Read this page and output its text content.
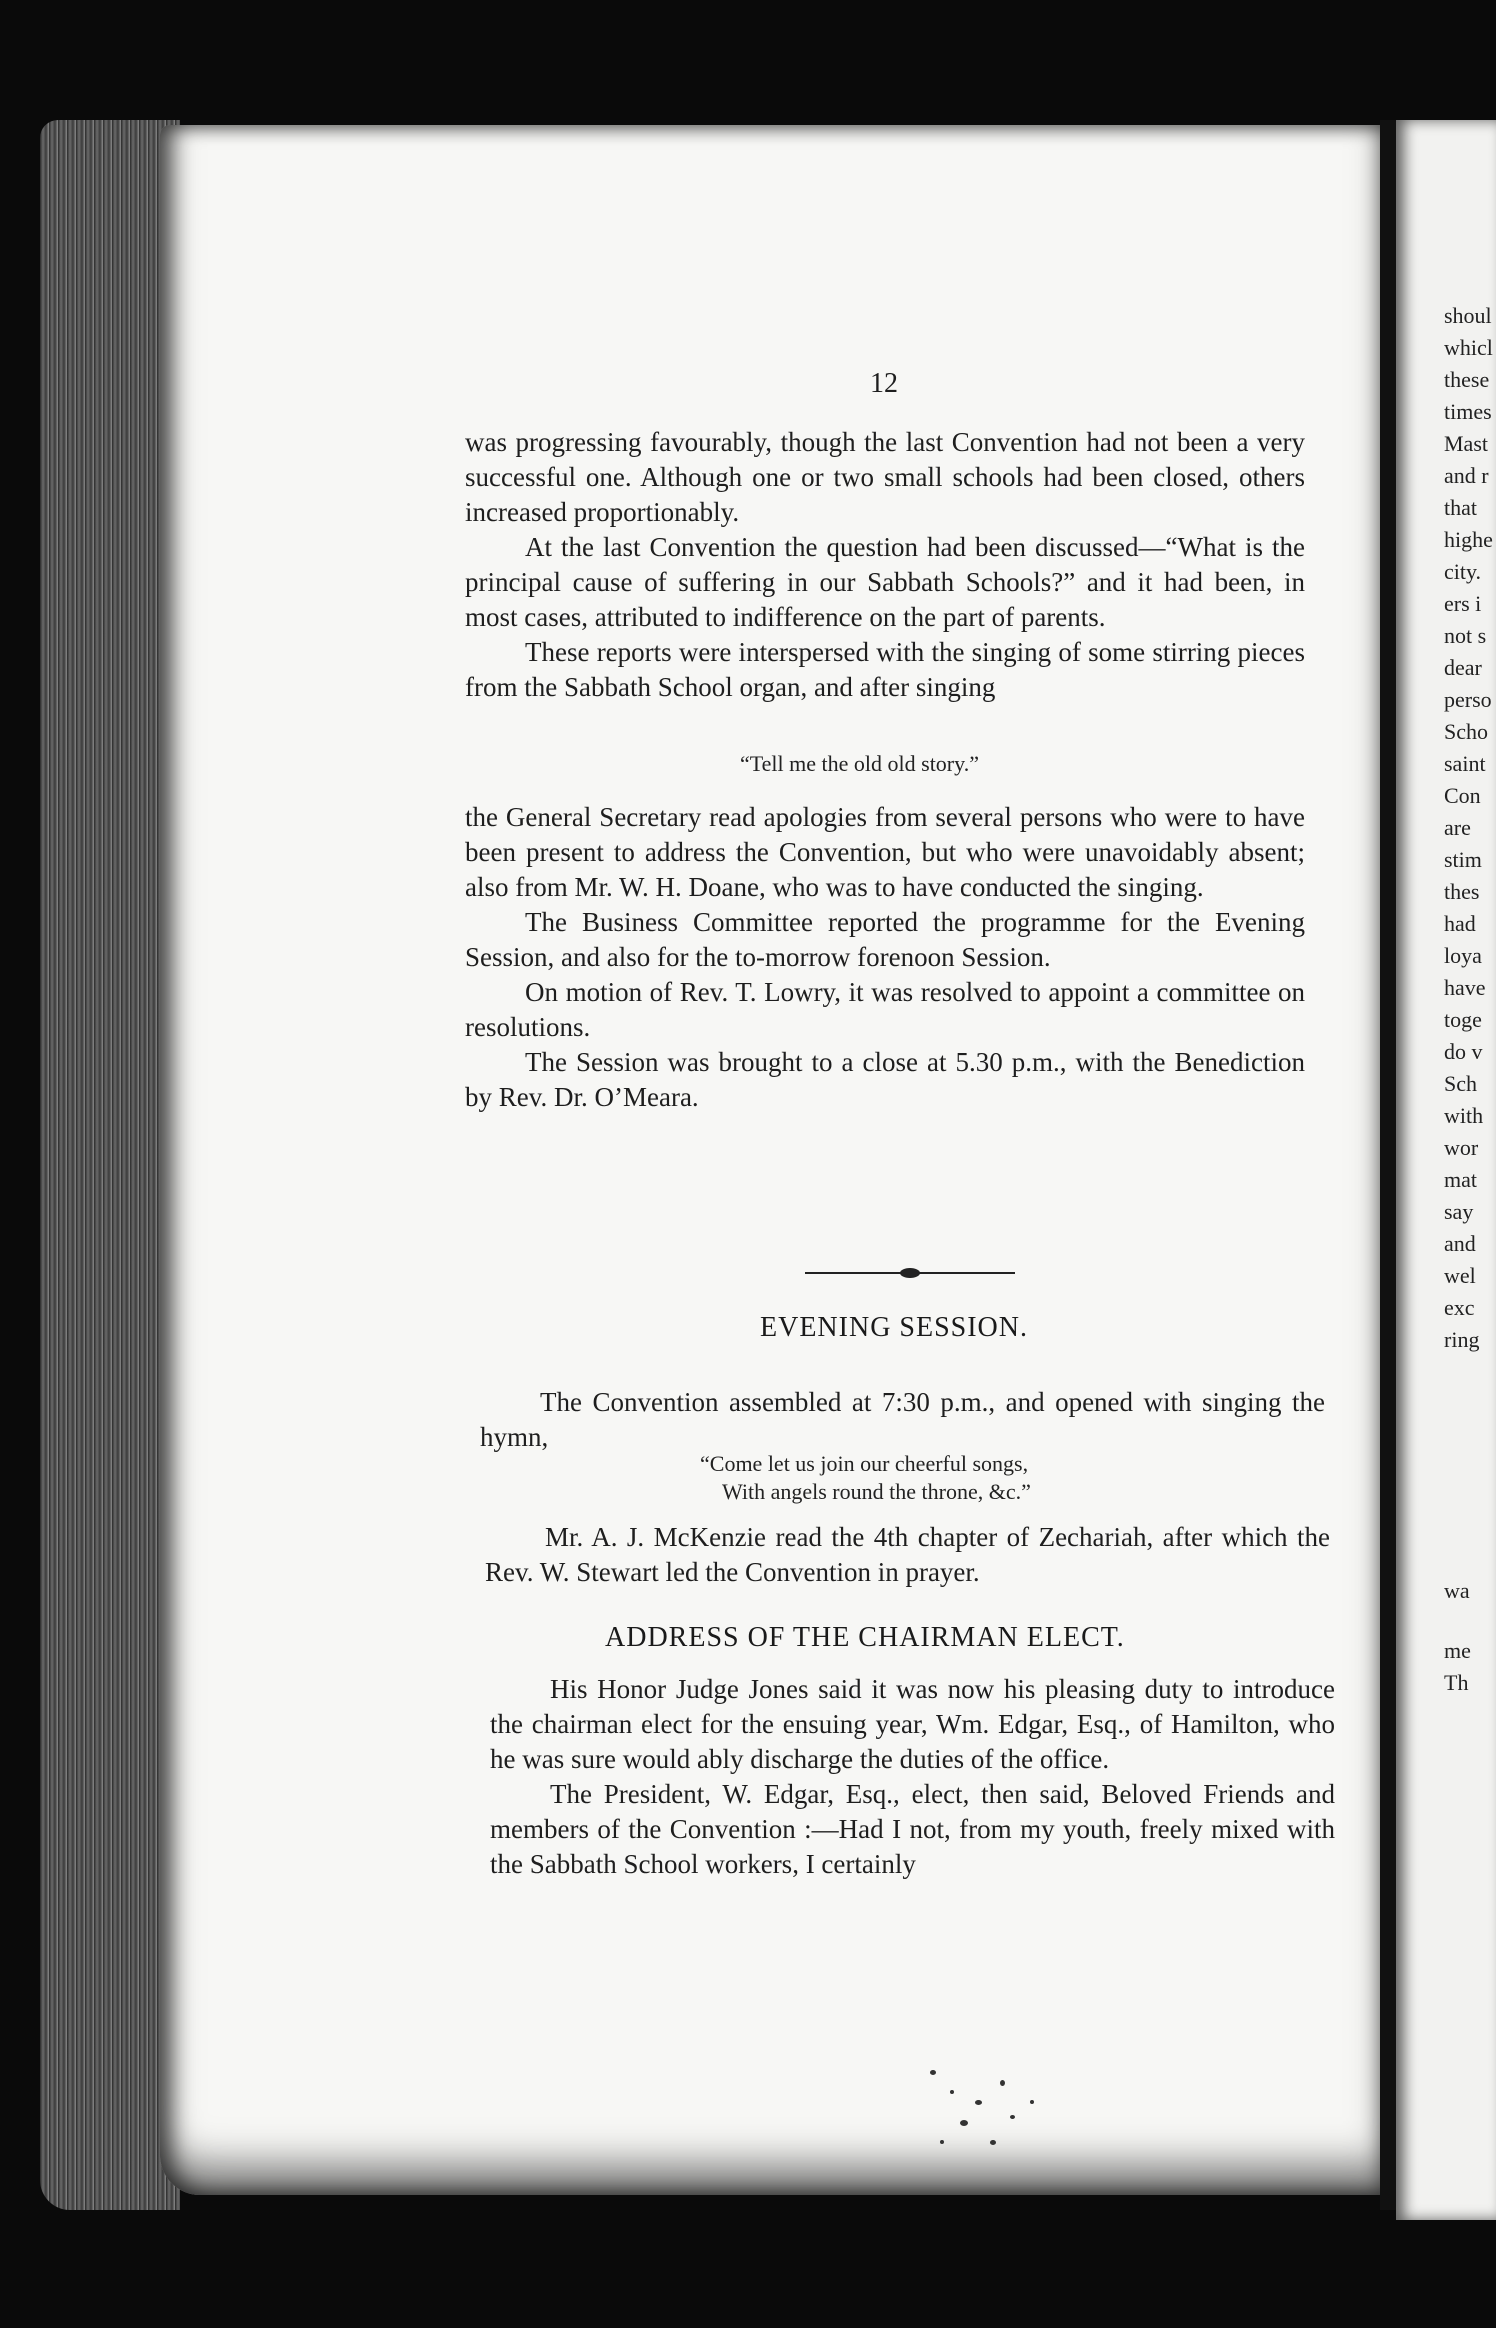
shoul
whicl
these
times
Mast
and r
that
highe
city.
ers i
not s
dear
perso
Scho
saint
Con
are
stim
thes
had
loya
have
toge
do v
Sch
with
wor
mat
say
and
wel
exc
ring
wa
me
Th
12

was progressing favourably, though the last Convention had not been a very successful one. Although one or two small schools had been closed, others increased proportionably.

At the last Convention the question had been discussed—“What is the principal cause of suffering in our Sabbath Schools?” and it had been, in most cases, attributed to indifference on the part of parents.

These reports were interspersed with the singing of some stirring pieces from the Sabbath School organ, and after singing

“Tell me the old old story.”

the General Secretary read apologies from several persons who were to have been present to address the Convention, but who were unavoidably absent; also from Mr. W. H. Doane, who was to have conducted the singing.

The Business Committee reported the programme for the Evening Session, and also for the to-morrow forenoon Session.

On motion of Rev. T. Lowry, it was resolved to appoint a committee on resolutions.

The Session was brought to a close at 5.30 p.m., with the Benediction by Rev. Dr. O’Meara.

EVENING SESSION.

The Convention assembled at 7:30 p.m., and opened with singing the hymn,

“Come let us join our cheerful songs,
With angels round the throne, &c.”

Mr. A. J. McKenzie read the 4th chapter of Zechariah, after which the Rev. W. Stewart led the Convention in prayer.

ADDRESS OF THE CHAIRMAN ELECT.

His Honor Judge Jones said it was now his pleasing duty to introduce the chairman elect for the ensuing year, Wm. Edgar, Esq., of Hamilton, who he was sure would ably discharge the duties of the office.

The President, W. Edgar, Esq., elect, then said, Beloved Friends and members of the Convention :—Had I not, from my youth, freely mixed with the Sabbath School workers, I certainly
